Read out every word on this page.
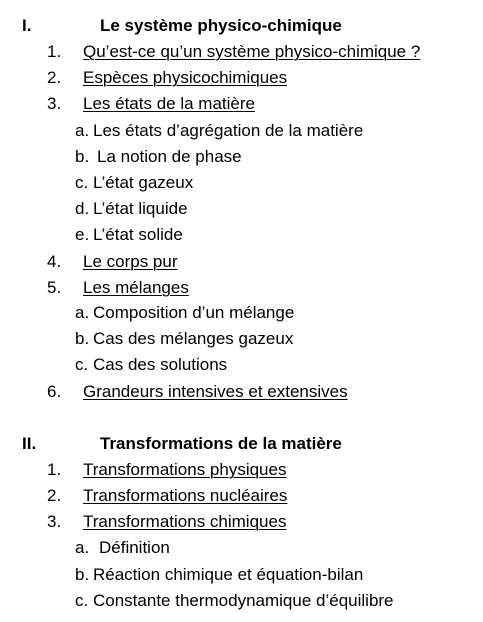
I.	Le système physico-chimique
1.	Qu’est-ce qu’un système physico-chimique ?
2.	Espèces physicochimiques
3.	Les états de la matière
a. Les états d’agrégation de la matière
b. La notion de phase
c. L’état gazeux
d. L’état liquide
e. L’état solide
4.	Le corps pur
5.	Les mélanges
a. Composition d’un mélange
b. Cas des mélanges gazeux
c. Cas des solutions
6.	Grandeurs intensives et extensives
II.	Transformations de la matière
1.	Transformations physiques
2.	Transformations nucléaires
3.	Transformations chimiques
a. Définition
b. Réaction chimique et équation-bilan
c. Constante thermodynamique d’équilibre
